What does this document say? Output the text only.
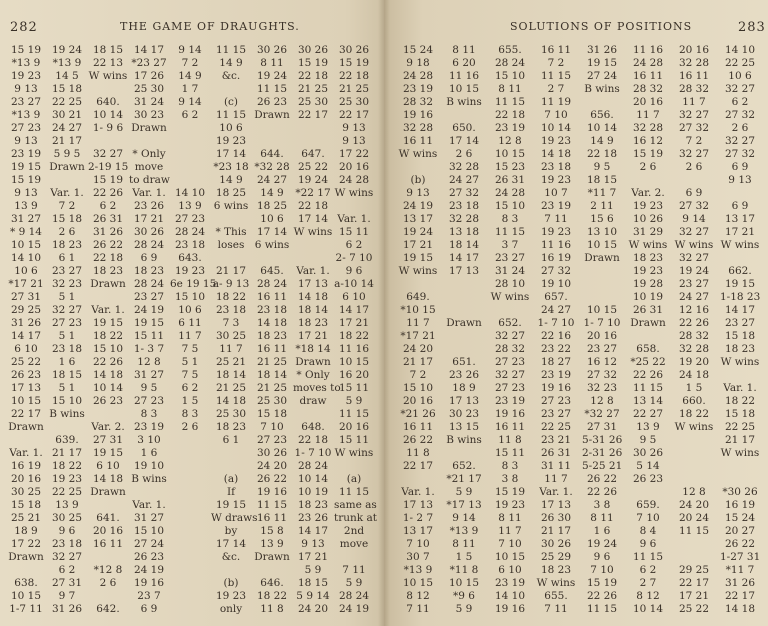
282	THE GAME OF DRAUGHTS.	SOLUTIONS OF POSITIONS	283
15 19
*13 9
19 23
9 13
23 27
*13 9
27 23
9 13
23 19
19 15
15 19
9 13
13 9
31 27
* 9 14
10 15
14 10
10 6
*17 21
27 31
29 25
31 26
14 17
6 10
25 22
26 23
17 13
10 15
22 17
Drawn
Var. 1.
16 19
20 16
30 25
15 18
25 21
18 9
17 22
Drawn
638.
10 15
1-7 11
19 24
*13 9
14 5
15 18
22 25
30 21
24 27
21 17
5 9 5
Drawn
Var. 1.
7 2
15 18
2 6
18 23
6 1
23 27
32 23
5 1
32 27
27 23
5 1
23 18
1 6
18 15
5 1
15 10
B wins
639.
21 17
18 22
19 23
22 25
13 9
30 25
9 6
23 18
32 27
6 2
27 31
9 7
31 26
18 15
22 13
W wins
640.
10 14
1- 9 6
32 27
2-19 15
15 19
22 26
6 2
26 31
31 26
26 22
22 18
18 23
Drawn
Var. 1.
19 15
18 22
15 10
22 26
14 18
10 14
26 23
Var. 2.
27 31
19 15
6 10
14 18
Drawn
641.
20 16
16 11
*12 8
2 6
642.
14 17
*23 27
17 26
25 30
31 24
30 23
Drawn
* Only
move
to draw
Var. 1.
23 26
17 21
30 26
28 24
6 9
18 23
28 24
23 27
24 19
19 15
15 11
1- 3 7
12 8
31 27
9 5
27 23
8 3
23 19
3 10
1 6
19 10
B wins
Var. 1.
31 27
15 10
27 24
26 23
24 19
19 16
23 7
6 9
9 14
7 2
14 9
1 7
9 14
6 2
14 10
13 9
27 23
28 24
23 18
643.
19 23
6e 19 15
15 10
10 6
6 11
11 7
7 5
5 1
7 5
6 2
1 5
8 3
2 6
11 15
14 9
&c.
(c)
11 15
10 6
19 23
17 14
*23 18
14 9
18 25
6 wins
* This
loses
21 17
a- 9 13
18 22
23 18
7 3
30 25
11 7
25 21
18 14
21 25
14 18
25 30
18 23
6 1
(a)
If
19 15
W draws
by
17 14
&c.
(b)
19 23
only
30 26
8 11
19 24
11 15
26 23
Drawn
644.
*32 28
24 27
14 9
18 25
10 6
17 14
6 wins
645.
28 24
16 11
23 18
14 18
18 23
16 11
21 25
18 14
21 25
25 30
15 18
7 10
27 23
30 26
24 20
26 22
19 16
11 15
16 11
15 8
13 9
Drawn
646.
18 22
11 8
30 26
15 19
22 18
21 25
25 30
22 17
647.
25 22
19 24
*22 17
22 18
17 14
W wins
Var. 1.
17 13
14 18
18 14
18 23
17 21
*18 14
Drawn
* Only
moves to
draw
648.
22 18
1- 7 10
28 24
10 14
10 19
18 23
23 26
14 17
9 13
17 21
5 9
18 15
5 9 14
24 20
30 26
15 19
22 18
21 25
25 30
22 17
9 13
9 13
17 22
20 16
24 28
W wins
Var. 1.
15 11
6 2
2- 7 10
9 6
a-10 14
6 10
14 17
17 21
18 22
11 16
10 15
16 20
15 11
5 9
11 15
20 16
15 11
W wins
(a)
11 15
same as
trunk at
2nd
move
7 11
5 9
28 24
24 19
15 24
9 18
24 28
23 19
28 32
19 16
32 28
16 11
W wins
(b)
9 13
24 19
13 17
19 24
17 21
19 15
W wins
649.
*10 15
11 7
*17 21
24 20
21 17
7 2
15 10
20 16
*21 26
16 11
26 22
11 8
22 17
Var. 1.
17 13
1- 2 7
13 17
7 10
30 7
*13 9
10 15
8 12
7 11
8 11
6 20
11 16
10 15
B wins
650.
17 14
2 6
32 28
24 27
27 32
23 18
32 28
13 18
18 14
14 17
17 13
Drawn
651.
23 26
18 9
17 13
30 23
13 15
B wins
652.
*21 17
5 9
*17 13
9 14
*13 9
8 11
1 5
*11 8
10 15
*9 6
5 9
655.
28 24
15 10
8 11
11 15
22 18
23 19
12 8
10 15
15 23
26 31
24 28
15 10
8 3
11 15
3 7
23 27
31 24
28 10
W wins
652.
32 27
28 32
27 23
32 27
27 23
23 19
19 16
16 11
11 8
15 11
8 3
3 8
15 19
19 23
8 11
11 7
7 10
10 15
6 10
23 19
14 10
19 16
16 11
7 2
11 15
2 7
11 19
7 10
10 14
19 23
14 18
23 18
19 23
10 7
23 19
7 11
19 23
11 16
16 19
27 32
19 10
657.
24 27
1- 7 10
22 16
23 22
18 27
23 19
19 16
27 23
23 27
22 25
23 21
26 31
31 11
11 7
Var. 1.
17 13
26 30
21 17
30 26
25 29
18 23
W wins
655.
7 11
31 26
19 15
27 24
B wins
656.
10 14
14 9
22 18
9 5
18 15
*11 7
2 11
15 6
13 10
10 15
Drawn
10 15
1- 7 10
20 16
23 27
16 12
27 32
32 23
12 8
*32 27
27 31
5-31 26
2-31 26
5-25 21
26 22
22 26
3 8
8 11
1 6
19 24
9 6
7 10
15 19
22 26
11 15
11 16
24 28
16 11
28 32
20 16
11 7
32 28
16 12
15 19
2 6
Var. 2.
19 23
10 26
31 29
W wins
18 23
19 23
19 28
10 19
26 31
Drawn
658.
*25 22
22 26
11 15
13 14
22 27
13 9
9 5
30 26
5 14
26 23
659.
7 10
8 4
9 6
11 15
6 2
2 7
8 12
10 14
20 16
32 28
16 11
28 32
11 7
32 27
27 32
7 2
32 27
2 6
6 9
27 32
9 14
32 27
W wins
32 27
19 24
23 27
24 27
12 16
22 26
28 32
32 28
19 20
24 18
1 5
660.
18 22
W wins
12 8
24 20
20 24
11 15
29 25
22 17
17 21
25 22
14 10
22 25
10 6
32 27
6 2
27 32
2 6
32 27
27 32
6 9
9 13
6 9
13 17
17 21
W wins
662.
19 15
1-18 23
14 17
23 27
15 18
18 23
W wins
Var. 1.
18 22
15 18
22 25
21 17
W wins
*30 26
16 19
15 24
20 27
26 22
1-27 31
*11 7
31 26
22 17
14 18
